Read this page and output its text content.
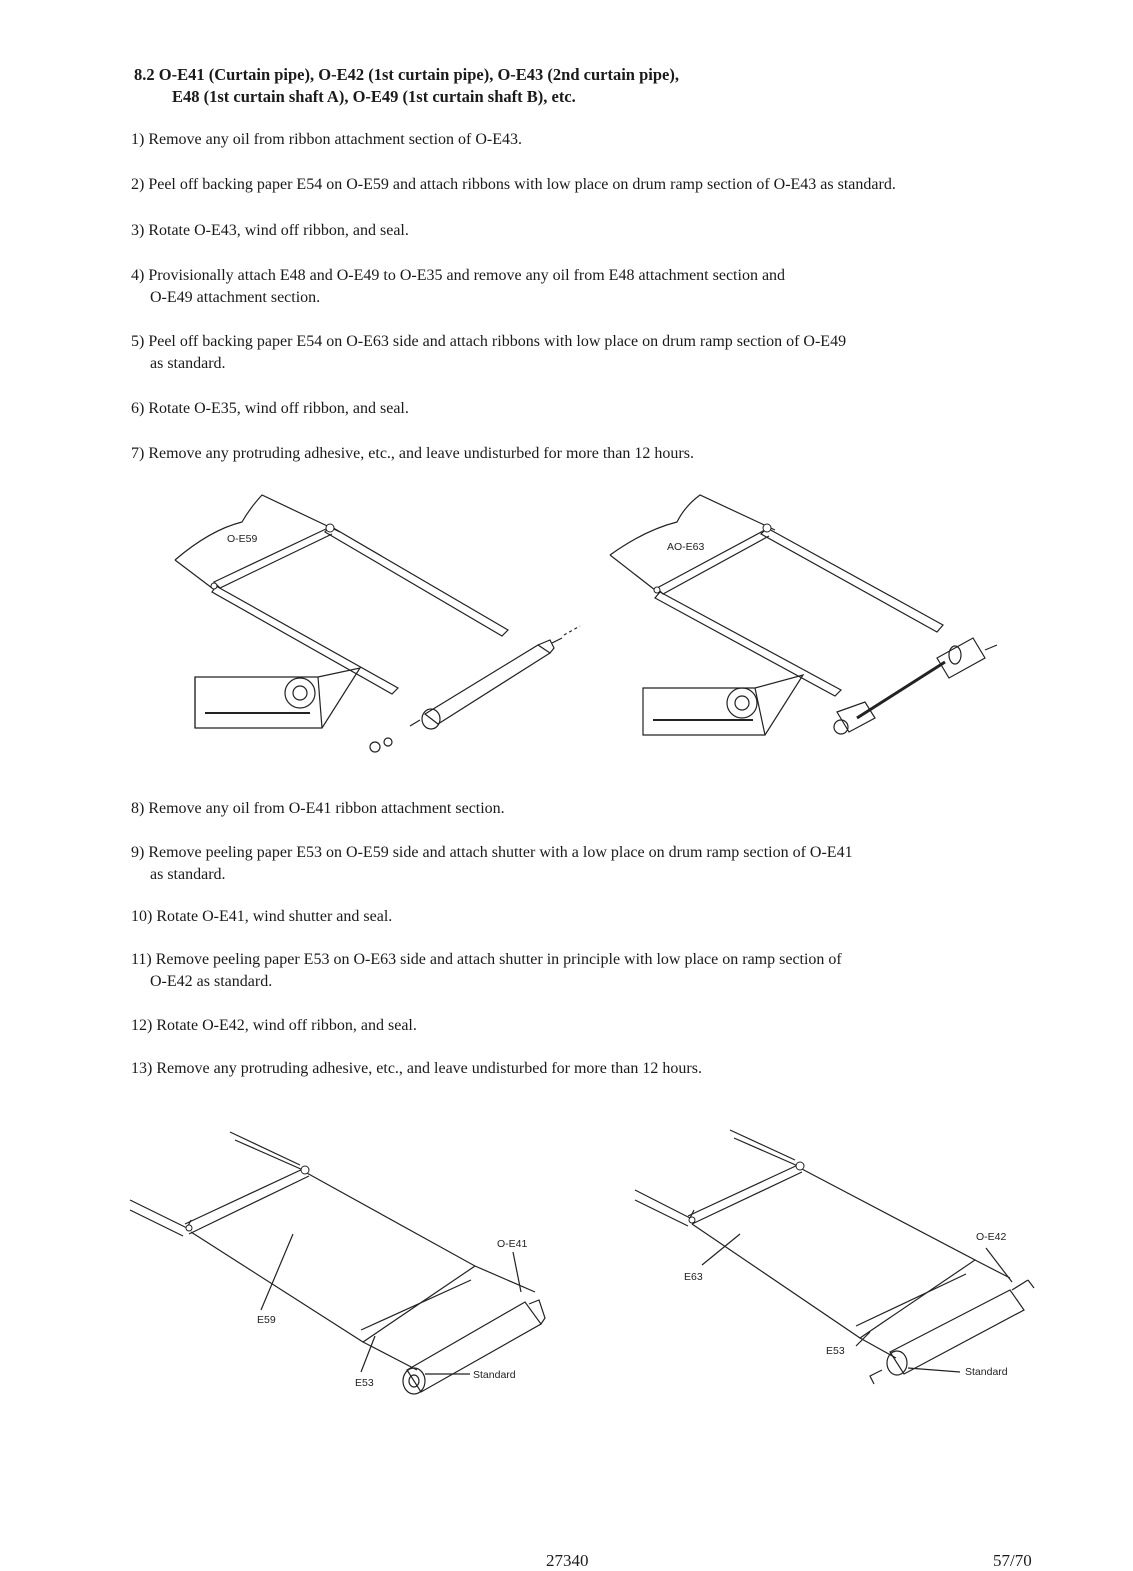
8.2 O-E41 (Curtain pipe), O-E42 (1st curtain pipe), O-E43 (2nd curtain pipe),
E48 (1st curtain shaft A), O-E49 (1st curtain shaft B), etc.

1) Remove any oil from ribbon attachment section of O-E43.

2) Peel off backing paper E54 on O-E59 and attach ribbons with low place on drum ramp section of O-E43 as standard.

3) Rotate O-E43, wind off ribbon, and seal.

4) Provisionally attach E48 and O-E49 to O-E35 and remove any oil from E48 attachment section and
O-E49 attachment section.

5) Peel off backing paper E54 on O-E63 side and attach ribbons with low place on drum ramp section of O-E49
as standard.

6) Rotate O-E35, wind off ribbon, and seal.

7) Remove any protruding adhesive, etc., and leave undisturbed for more than 12 hours.

O-E59
AO-E63

8) Remove any oil from O-E41 ribbon attachment section.

9) Remove peeling paper E53 on O-E59 side and attach shutter with a low place on drum ramp section of O-E41
as standard.

10) Rotate O-E41, wind shutter and seal.

11) Remove peeling paper E53 on O-E63 side and attach shutter in principle with low place on ramp section of
O-E42 as standard.

12) Rotate O-E42, wind off ribbon, and seal.

13) Remove any protruding adhesive, etc., and leave undisturbed for more than 12 hours.

O-E41
E59
E53
Standard
O-E42
E63
E53
Standard
27340	57/70
